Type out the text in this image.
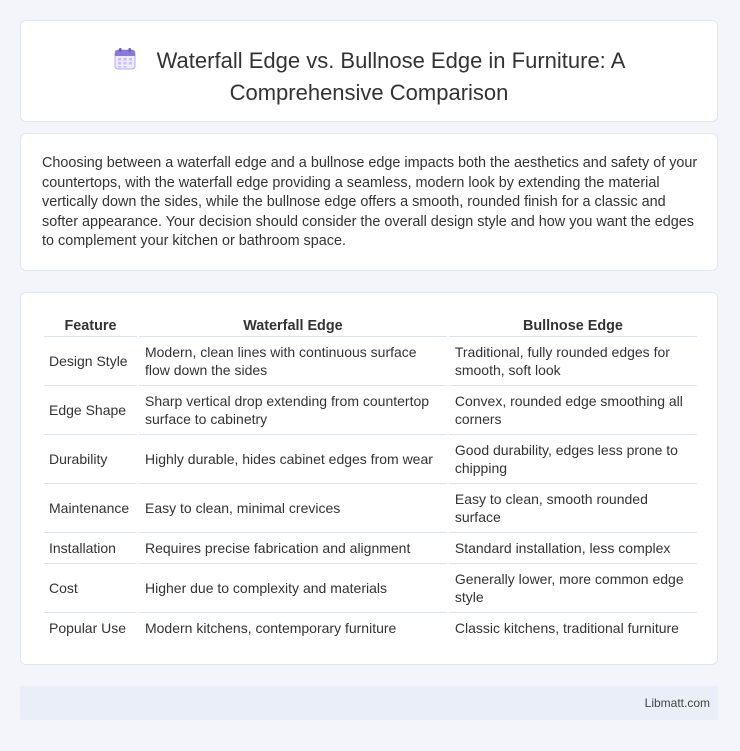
Waterfall Edge vs. Bullnose Edge in Furniture: A
Comprehensive Comparison
Choosing between a waterfall edge and a bullnose edge impacts both the aesthetics and safety of your countertops, with the waterfall edge providing a seamless, modern look by extending the material vertically down the sides, while the bullnose edge offers a smooth, rounded finish for a classic and softer appearance. Your decision should consider the overall design style and how you want the edges to complement your kitchen or bathroom space.
Feature	Waterfall Edge	Bullnose Edge
Design Style	Modern, clean lines with continuous surface flow down the sides	Traditional, fully rounded edges for smooth, soft look
Edge Shape	Sharp vertical drop extending from countertop surface to cabinetry	Convex, rounded edge smoothing all corners
Durability	Highly durable, hides cabinet edges from wear	Good durability, edges less prone to chipping
Maintenance	Easy to clean, minimal crevices	Easy to clean, smooth rounded surface
Installation	Requires precise fabrication and alignment	Standard installation, less complex
Cost	Higher due to complexity and materials	Generally lower, more common edge style
Popular Use	Modern kitchens, contemporary furniture	Classic kitchens, traditional furniture
Libmatt.com
